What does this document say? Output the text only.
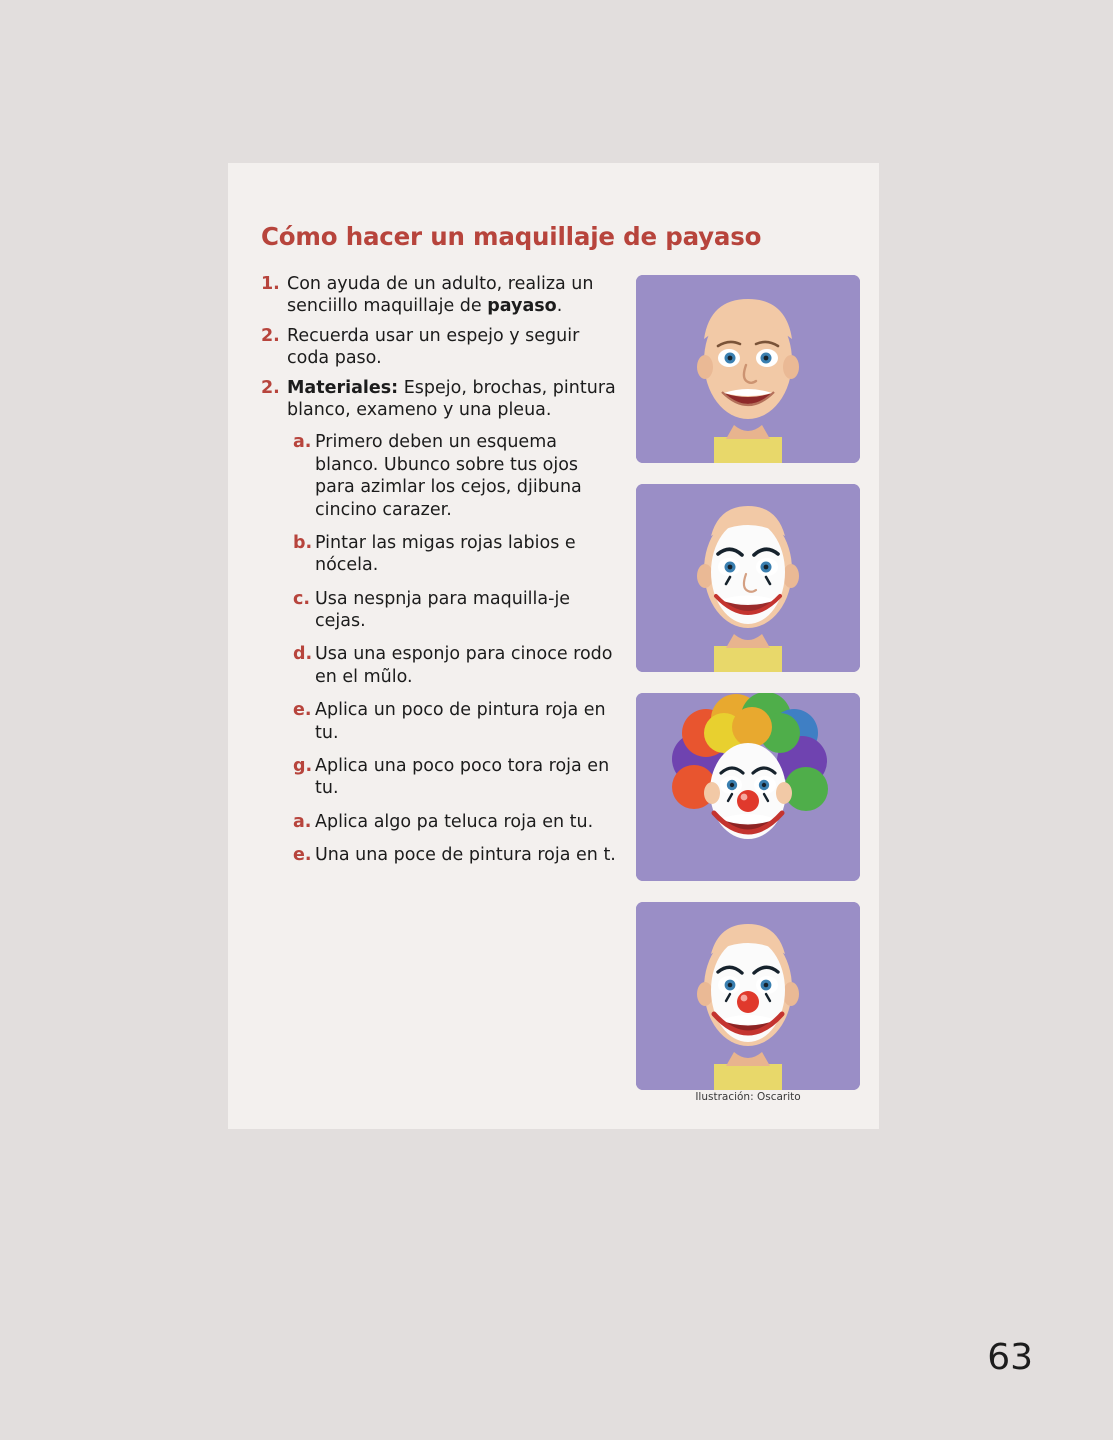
Cómo hacer un maquillaje de payaso
1. Con ayuda de un adulto, realiza un senciillo maquillaje de payaso.
2. Recuerda usar un espejo y seguir coda paso.
2. Materiales: Espejo, brochas, pintura blanco, exameno y una pleua.
a. Primero deben un esquema blanco. Ubunco sobre tus ojos para azimlar los cejos, djibuna cincino carazer.
b. Pintar las migas rojas labios e nócela.
c. Usa nespnja para maquilla-je cejas.
d. Usa una esponjo para cinoce rodo en el mũlo.
e. Aplica un poco de pintura roja en tu.
g. Aplica una poco poco tora roja en tu.
a. Aplica algo pa teluca roja en tu.
e. Una una poce de pintura roja en t.
Ilustración: Oscarito
63
